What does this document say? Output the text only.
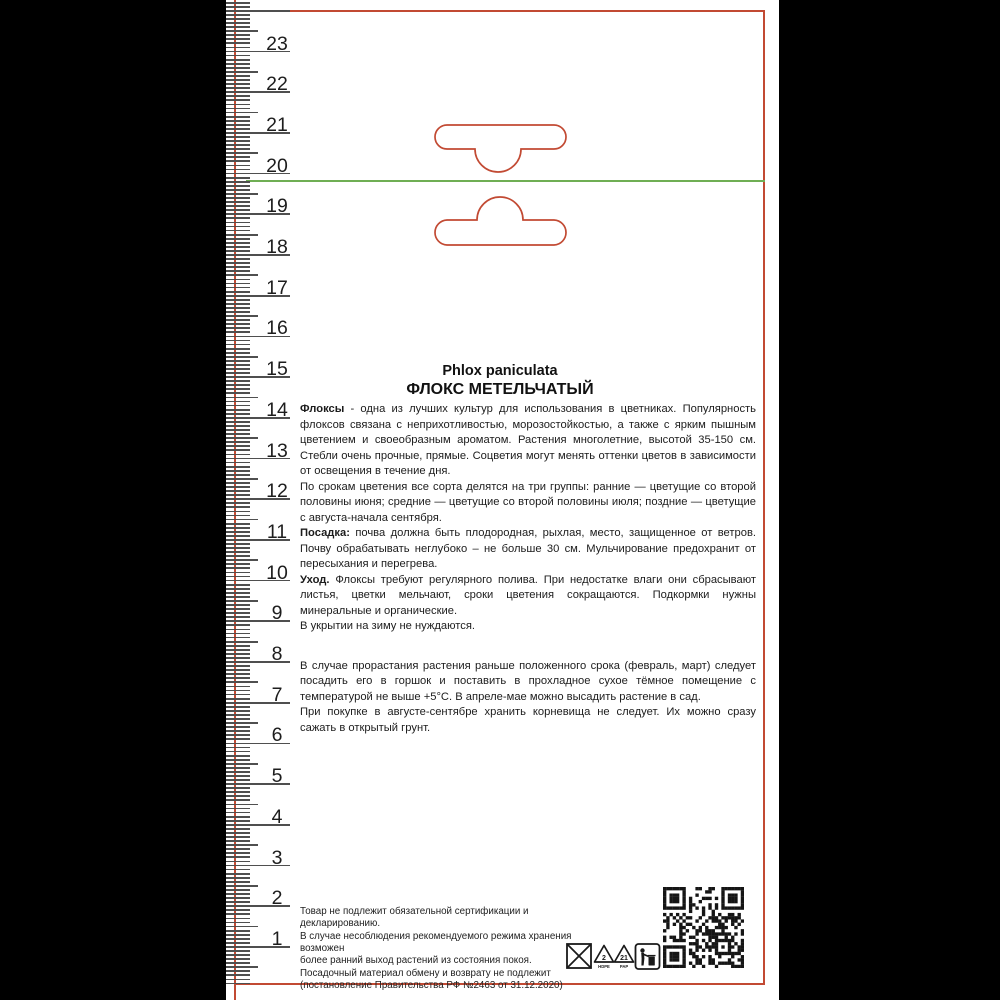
23
22
21
20
19
18
17
16
15
14
13
12
11
10
9
8
7
6
5
4
3
2
1

Phlox paniculata

ФЛОКС МЕТЕЛЬЧАТЫЙ

Флоксы - одна из лучших культур для использования в цветниках. Популярность флоксов связана с неприхотливостью, морозостойкостью, а также с ярким пышным цветением и своеобразным ароматом. Растения многолетние, высотой 35-150 см. Стебли очень прочные, прямые. Соцветия могут менять оттенки цветов в зависимости от освещения в течение дня.

По срокам цветения все сорта делятся на три группы: ранние — цветущие со второй половины июня; средние — цветущие со второй половины июля; поздние — цветущие с августа-начала сентября.

Посадка: почва должна быть плодородная, рыхлая, место, защищенное от ветров. Почву обрабатывать неглубоко – не больше 30 см. Мульчирование предохранит от пересыхания и перегрева.

Уход. Флоксы требуют регулярного полива. При недостатке влаги они сбрасывают листья, цветки мельчают, сроки цветения сокращаются. Подкормки нужны минеральные и органические.

В укрытии на зиму не нуждаются.

В случае прорастания растения раньше положенного срока (февраль, март) следует посадить его в горшок и поставить в прохладное сухое тёмное помещение с температурой не выше +5°С. В апреле-мае можно высадить растение в сад.

При покупке в августе-сентябре хранить корневища не следует. Их можно сразу сажать в открытый грунт.

Товар не подлежит обязательной сертификации и декларированию.
В случае несоблюдения рекомендуемого режима хранения возможен
более ранний выход растений из состояния покоя.
Посадочный материал обмену и возврату не подлежит
(постановление Правительства РФ №2463 от 31.12.2020)
2
HDPE
21
PAP
